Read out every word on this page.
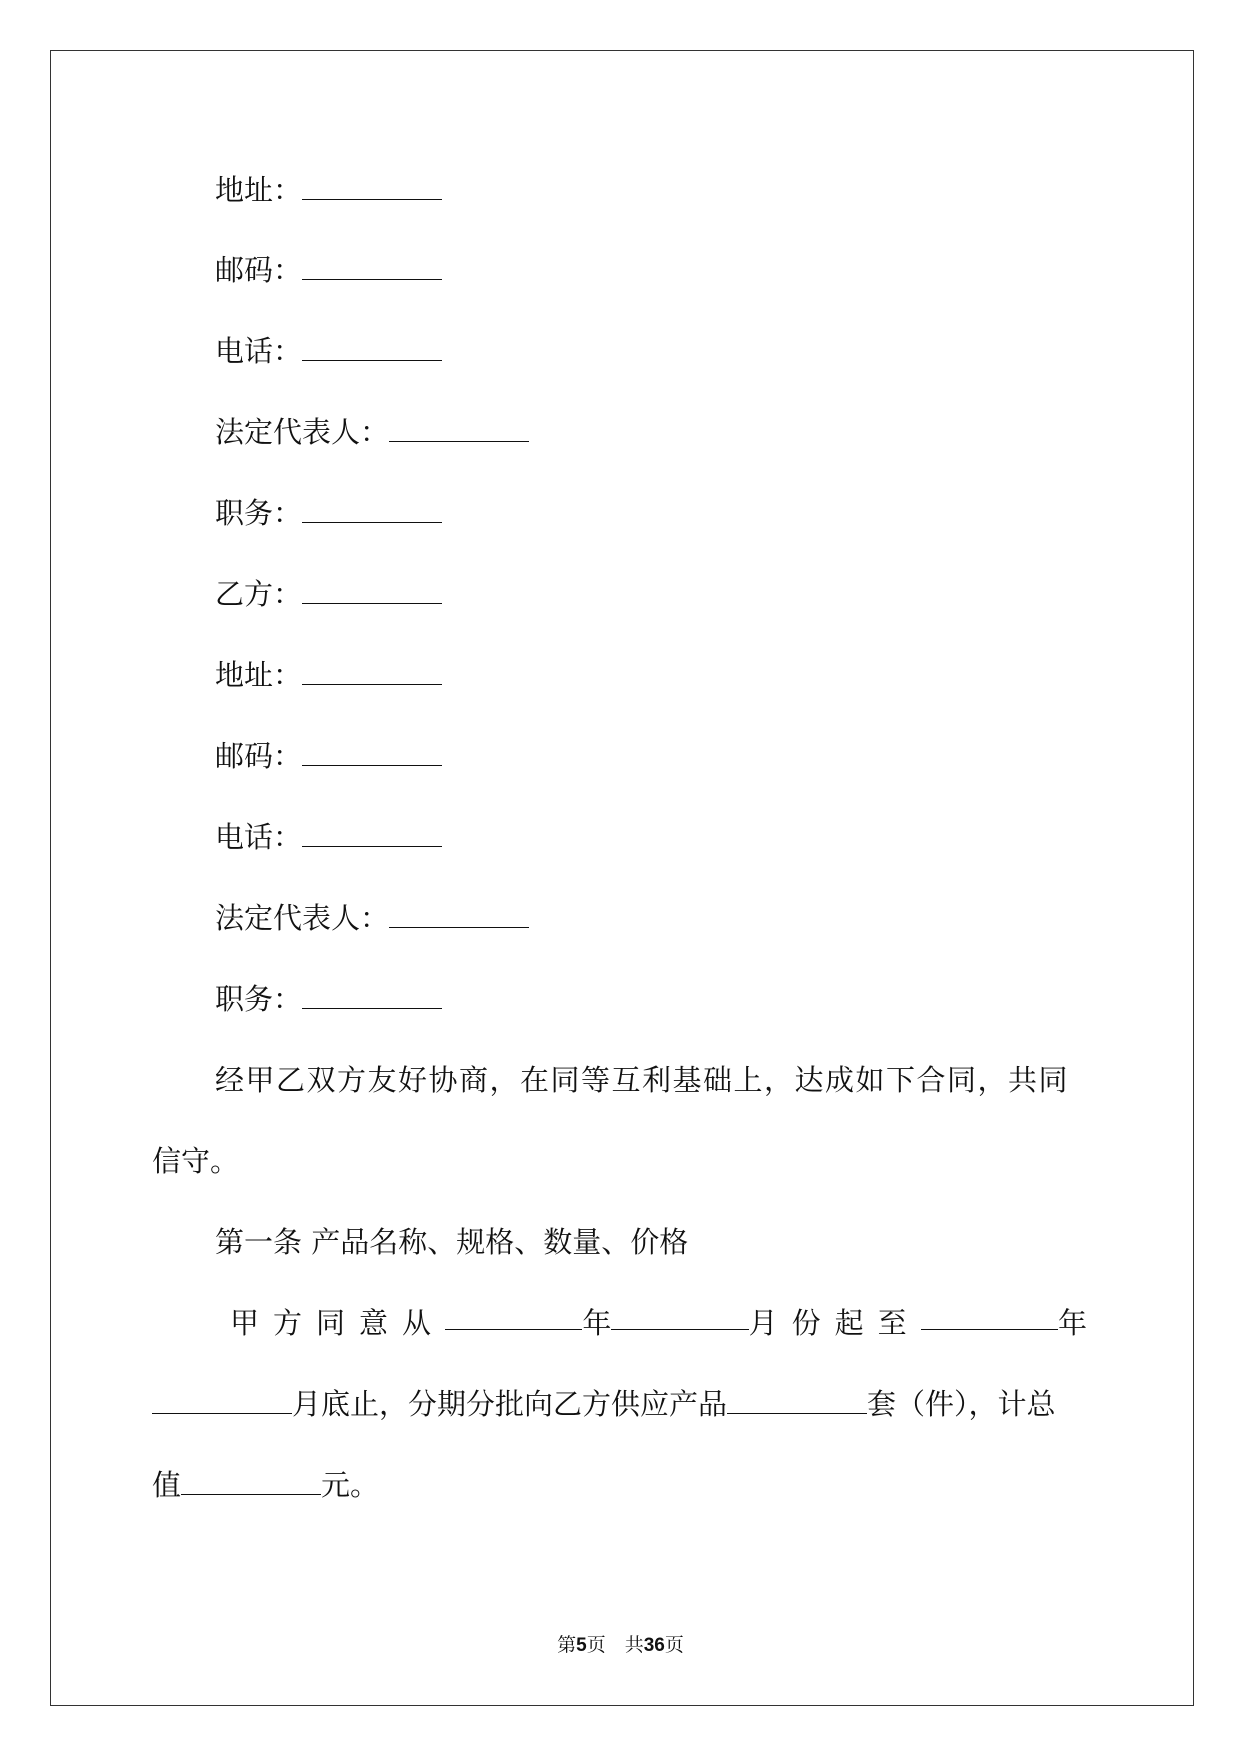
地址：
邮码：
电话：
法定代表人：
职务：
乙方：
地址：
邮码：
电话：
法定代表人：
职务：
经甲乙双方友好协商，在同等互利基础上，达成如下合同，共同
信守。
第一条 产品名称、规格、数量、价格
甲方同意从	年	月份起至	年
月底止，分期分批向乙方供应产品	套（件），计总
值	元。
第5页　共36页
